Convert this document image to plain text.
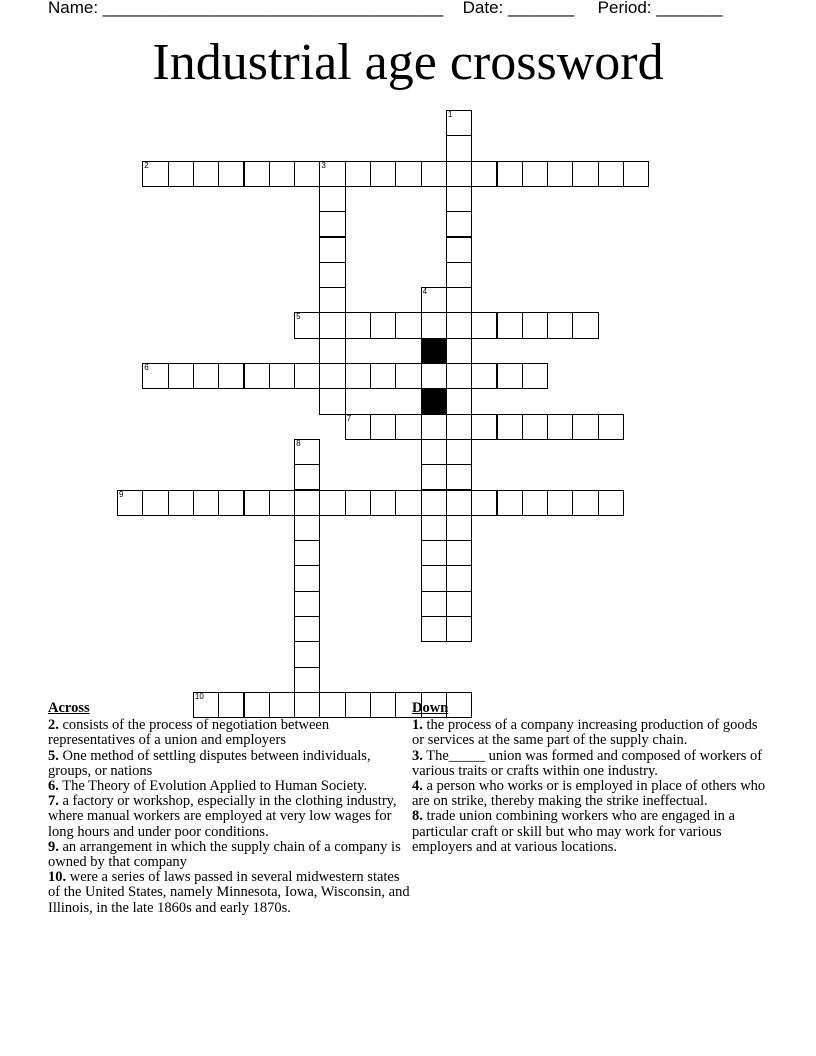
Name: ____________________________________ Date: _______ Period: _______
Industrial age crossword
1
2	3
4
5
6
7
8
9
10
Across
2. consists of the process of negotiation between representatives of a union and employers
5. One method of settling disputes between individuals, groups, or nations
6. The Theory of Evolution Applied to Human Society.
7. a factory or workshop, especially in the clothing industry, where manual workers are employed at very low wages for long hours and under poor conditions.
9. an arrangement in which the supply chain of a company is owned by that company
10. were a series of laws passed in several midwestern states of the United States, namely Minnesota, Iowa, Wisconsin, and Illinois, in the late 1860s and early 1870s.
Down
1. the process of a company increasing production of goods or services at the same part of the supply chain.
3. The_____ union was formed and composed of workers of various traits or crafts within one industry.
4. a person who works or is employed in place of others who are on strike, thereby making the strike ineffectual.
8. trade union combining workers who are engaged in a particular craft or skill but who may work for various employers and at various locations.
